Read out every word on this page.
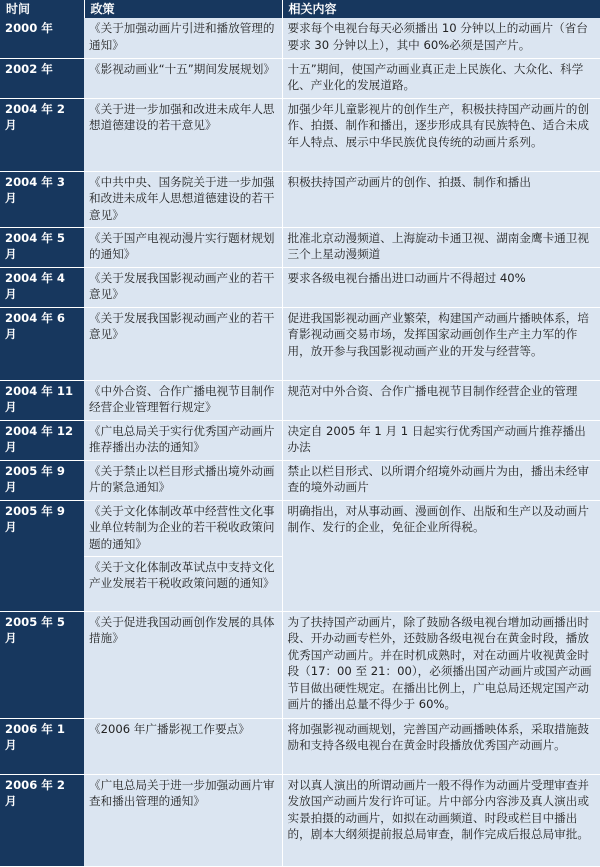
时间	政策	相关内容
2000 年	《关于加强动画片引进和播放管理的通知》	要求每个电视台每天必须播出 10 分钟以上的动画片（省台要求 30 分钟以上），其中 60%必须是国产片。
2002 年	《影视动画业“十五”期间发展规划》	十五”期间，使国产动画业真正走上民族化、大众化、科学化、产业化的发展道路。
2004 年 2 月	《关于进一步加强和改进未成年人思想道德建设的若干意见》	加强少年儿童影视片的创作生产，积极扶持国产动画片的创作、拍摄、制作和播出，逐步形成具有民族特色、适合未成年人特点、展示中华民族优良传统的动画片系列。
2004 年 3 月	《中共中央、国务院关于进一步加强和改进未成年人思想道德建设的若干意见》	积极扶持国产动画片的创作、拍摄、制作和播出
2004 年 5 月	《关于国产电视动漫片实行题材规划的通知》	批准北京动漫频道、上海旋动卡通卫视、湖南金鹰卡通卫视三个上星动漫频道
2004 年 4 月	《关于发展我国影视动画产业的若干意见》	要求各级电视台播出进口动画片不得超过 40%
2004 年 6 月	《关于发展我国影视动画产业的若干意见》	促进我国影视动画产业繁荣，构建国产动画片播映体系，培育影视动画交易市场，发挥国家动画创作生产主力军的作用，放开参与我国影视动画产业的开发与经营等。
2004 年 11 月	《中外合资、合作广播电视节目制作经营企业管理暂行规定》	规范对中外合资、合作广播电视节目制作经营企业的管理
2004 年 12 月	《广电总局关于实行优秀国产动画片推荐播出办法的通知》	决定自 2005 年 1 月 1 日起实行优秀国产动画片推荐播出办法
2005 年 9 月	《关于禁止以栏目形式播出境外动画片的紧急通知》	禁止以栏目形式、以所谓介绍境外动画片为由，播出未经审查的境外动画片
2005 年 9 月	《关于文化体制改革中经营性文化事业单位转制为企业的若干税收政策问题的通知》	明确指出，对从事动画、漫画创作、出版和生产以及动画片制作、发行的企业，免征企业所得税。
	《关于文化体制改革试点中支持文化产业发展若干税收政策问题的通知》	
2005 年 5 月	《关于促进我国动画创作发展的具体措施》	为了扶持国产动画片，除了鼓励各级电视台增加动画播出时段、开办动画专栏外，还鼓励各级电视台在黄金时段，播放优秀国产动画片。并在时机成熟时，对在动画片收视黄金时段（17：00 至 21：00），必须播出国产动画片或国产动画节目做出硬性规定。在播出比例上，广电总局还规定国产动画片的播出总量不得少于 60%。
2006 年 1 月	《2006 年广播影视工作要点》	将加强影视动画规划，完善国产动画播映体系，采取措施鼓励和支持各级电视台在黄金时段播放优秀国产动画片。
2006 年 2 月	《广电总局关于进一步加强动画片审查和播出管理的通知》	对以真人演出的所谓动画片一般不得作为动画片受理审查并发放国产动画片发行许可证。片中部分内容涉及真人演出或实景拍摄的动画片，如拟在动画频道、时段或栏目中播出的，剧本大纲须提前报总局审查，制作完成后报总局审批。
